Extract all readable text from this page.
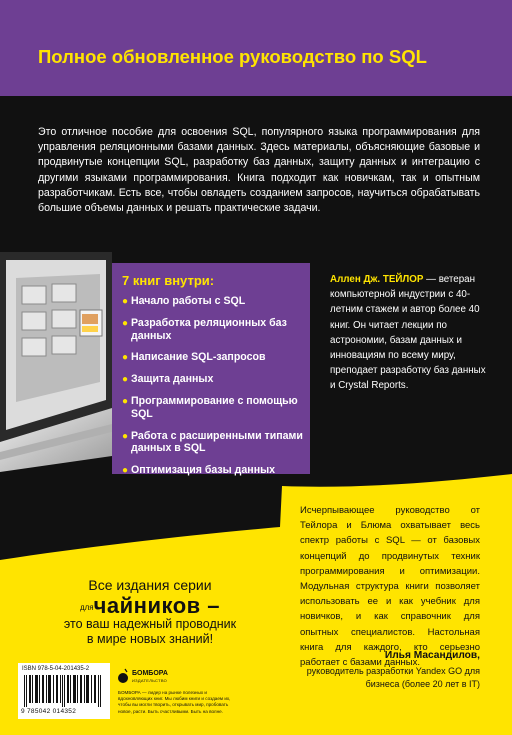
Полное обновленное руководство по SQL
Это отличное пособие для освоения SQL, популярного языка программирования для управления реляционными базами данных. Здесь материалы, объясняющие базовые и продвинутые концепции SQL, разработку баз данных, защиту данных и интеграцию с другими языками программирования. Книга подходит как новичкам, так и опытным разработчикам. Есть все, чтобы овладеть созданием запросов, научиться обрабатывать большие объемы данных и решать практические задачи.
7 книг внутри:
● Начало работы с SQL
● Разработка реляционных баз данных
● Написание SQL-запросов
● Защита данных
● Программирование с помощью SQL
● Работа с расширенными типами данных в SQL
● Оптимизация базы данных
Аллен Дж. ТЕЙЛОР — ветеран компьютерной индустрии с 40-летним стажем и автор более 40 книг. Он читает лекции по астрономии, базам данных и инновациям по всему миру, преподает разработку баз данных и Crystal Reports.
Исчерпывающее руководство от Тейлора и Блюма охватывает весь спектр работы с SQL — от базовых концепций до продвинутых техник программирования и оптимизации. Модульная структура книги позволяет использовать ее и как учебник для новичков, и как справочник для опытных специалистов. Настольная книга для каждого, кто серьезно работает с базами данных.
Илья Масандилов,
руководитель разработки Yandex GO для бизнеса (более 20 лет в IT)
Все издания серии
$^{для}$чайников –
это ваш надежный проводник
в мире новых знаний!
ISBN 978-5-04-201435-2
9 785042 014352
БОМБОРА
ИЗДАТЕЛЬСТВО
БОМБОРА — лидер на рынке полезных и вдохновляющих книг. Мы любим книги и создаем их, чтобы вы могли творить, открывать мир, пробовать новое, расти. Быть счастливыми. Быть на волне.
